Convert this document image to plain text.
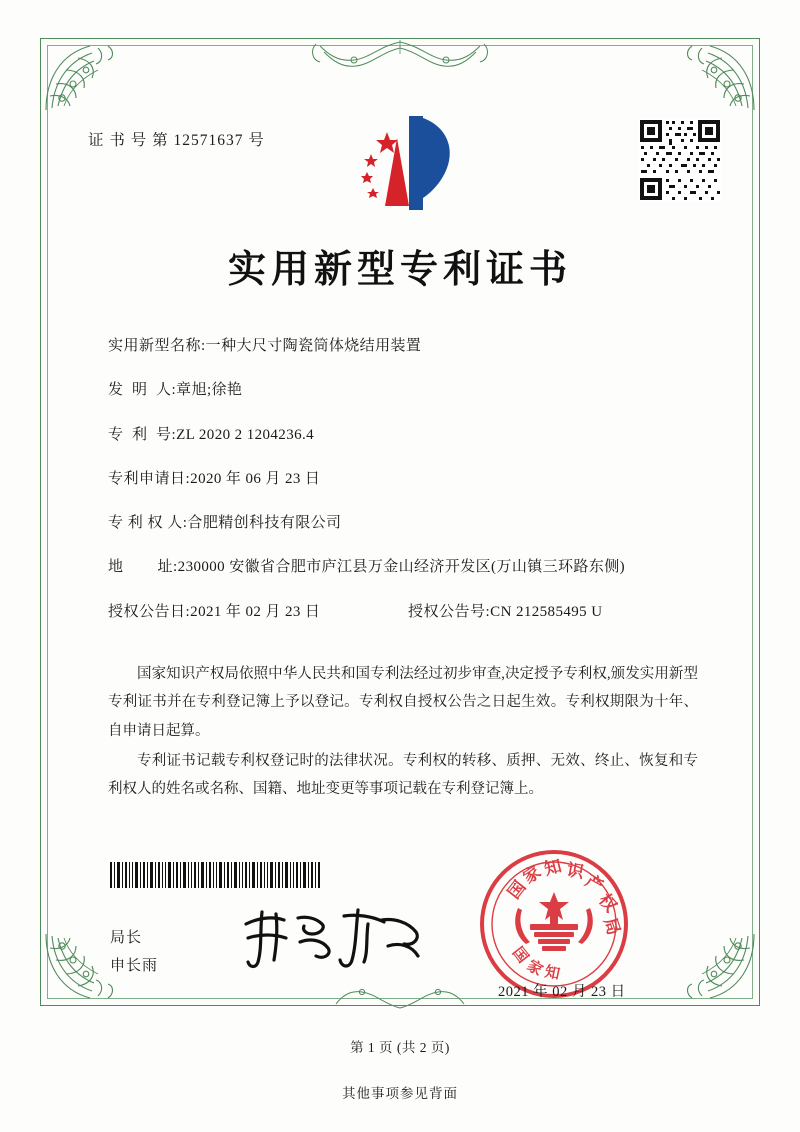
证 书 号 第 12571637 号
实用新型专利证书
实用新型名称: 一种大尺寸陶瓷筒体烧结用装置
发  明  人: 章旭;徐艳
专  利  号: ZL 2020 2 1204236.4
专利申请日: 2020 年 06 月 23 日
专 利 权 人: 合肥精创科技有限公司
地        址: 230000 安徽省合肥市庐江县万金山经济开发区(万山镇三环路东侧)
授权公告日: 2021 年 02 月 23 日	授权公告号: CN 212585495 U

国家知识产权局依照中华人民共和国专利法经过初步审查,决定授予专利权,颁发实用新型专利证书并在专利登记簿上予以登记。专利权自授权公告之日起生效。专利权期限为十年、自申请日起算。

专利证书记载专利权登记时的法律状况。专利权的转移、质押、无效、终止、恢复和专利权人的姓名或名称、国籍、地址变更等事项记载在专利登记簿上。

局长
申长雨
国
家
知 识
产
权
局
国
家
知
2021 年 02 月 23 日
第 1 页 (共 2 页)
其他事项参见背面
